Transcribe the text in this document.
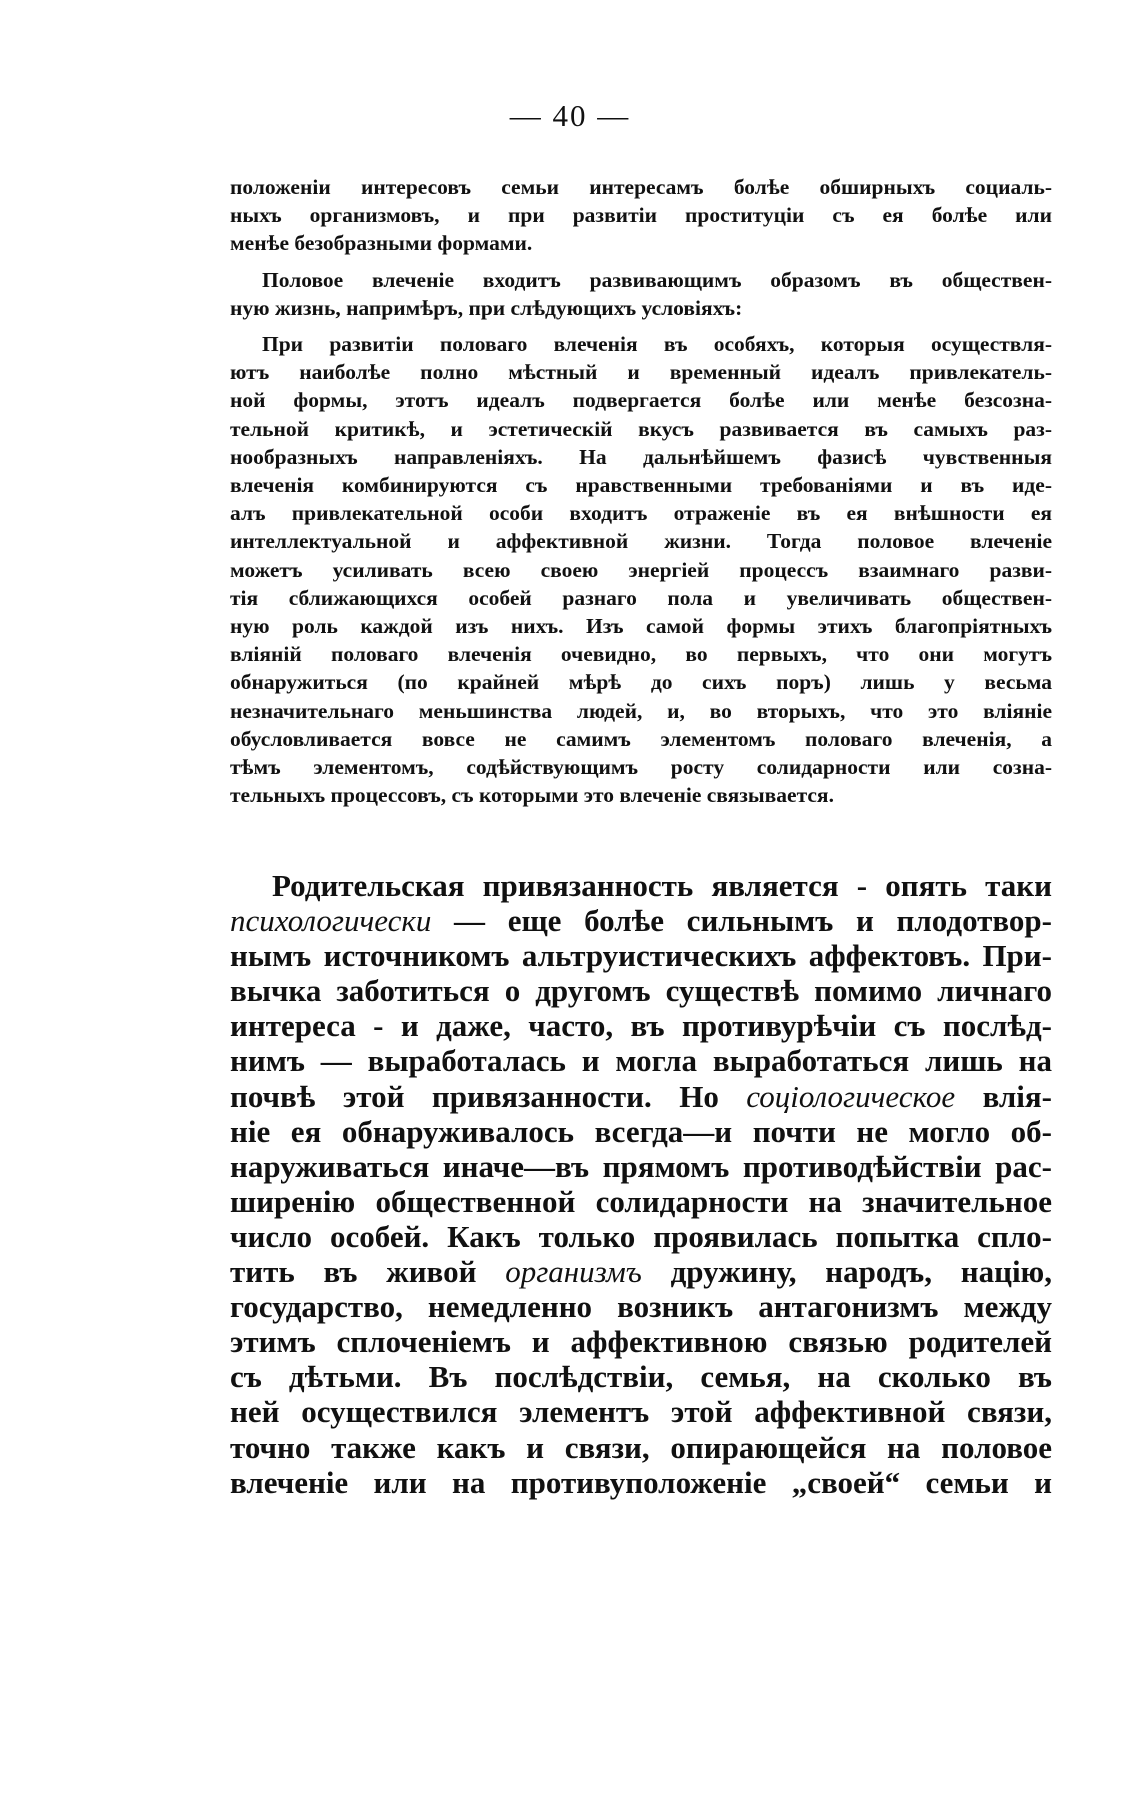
— 40 —
положенiи интересовъ семьи интересамъ болѣе обширныхъ социаль-
ныхъ организмовъ, и при развитiи проституцiи съ ея болѣе или
менѣе безобразными формами.
Половое влеченiе входитъ развивающимъ образомъ въ обществен-
ную жизнь, напримѣръ, при слѣдующихъ условiяхъ:
При развитiи половаго влеченiя въ особяхъ, которыя осуществля-
ютъ наиболѣе полно мѣстный и временный идеалъ привлекатель-
ной формы, этотъ идеалъ подвергается болѣе или менѣе безсозна-
тельной критикѣ, и эстетическiй вкусъ развивается въ самыхъ раз-
нообразныхъ направленiяхъ. На дальнѣйшемъ фазисѣ чувственныя
влеченiя комбинируются съ нравственными требованiями и въ иде-
алъ привлекательной особи входитъ отраженiе въ ея внѣшности ея
интеллектуальной и аффективной жизни. Тогда половое влеченiе
можетъ усиливать всею своею энергiей процессъ взаимнаго разви-
тiя сближающихся особей разнаго пола и увеличивать обществен-
ную роль каждой изъ нихъ. Изъ самой формы этихъ благопрiятныхъ
влiянiй половаго влеченiя очевидно, во первыхъ, что они могутъ
обнаружиться (по крайней мѣрѣ до сихъ поръ) лишь у весьма
незначительнаго меньшинства людей, и, во вторыхъ, что это влiянiе
обусловливается вовсе не самимъ элементомъ половаго влеченiя, а
тѣмъ элементомъ, содѣйствующимъ росту солидарности или созна-
тельныхъ процессовъ, съ которыми это влеченiе связывается.
Родительская привязанность является - опять таки
психологически — еще болѣе сильнымъ и плодотвор-
нымъ источникомъ альтруистическихъ аффектовъ. При-
вычка заботиться о другомъ существѣ помимо личнаго
интереса - и даже, часто, въ противурѣчiи съ послѣд-
нимъ — выработалась и могла выработаться лишь на
почвѣ этой привязанности. Но соцiологическое влiя-
нiе ея обнаруживалось всегда—и почти не могло об-
наруживаться иначе—въ прямомъ противодѣйствiи рас-
ширенiю общественной солидарности на значительное
число особей. Какъ только проявилась попытка спло-
тить въ живой организмъ дружину, народъ, нацiю,
государство, немедленно возникъ антагонизмъ между
этимъ сплоченiемъ и аффективною связью родителей
съ дѣтьми. Въ послѣдствiи, семья, на сколько въ
ней осуществился элементъ этой аффективной связи,
точно также какъ и связи, опирающейся на половое
влеченiе или на противуположенiе „своей“ семьи и
